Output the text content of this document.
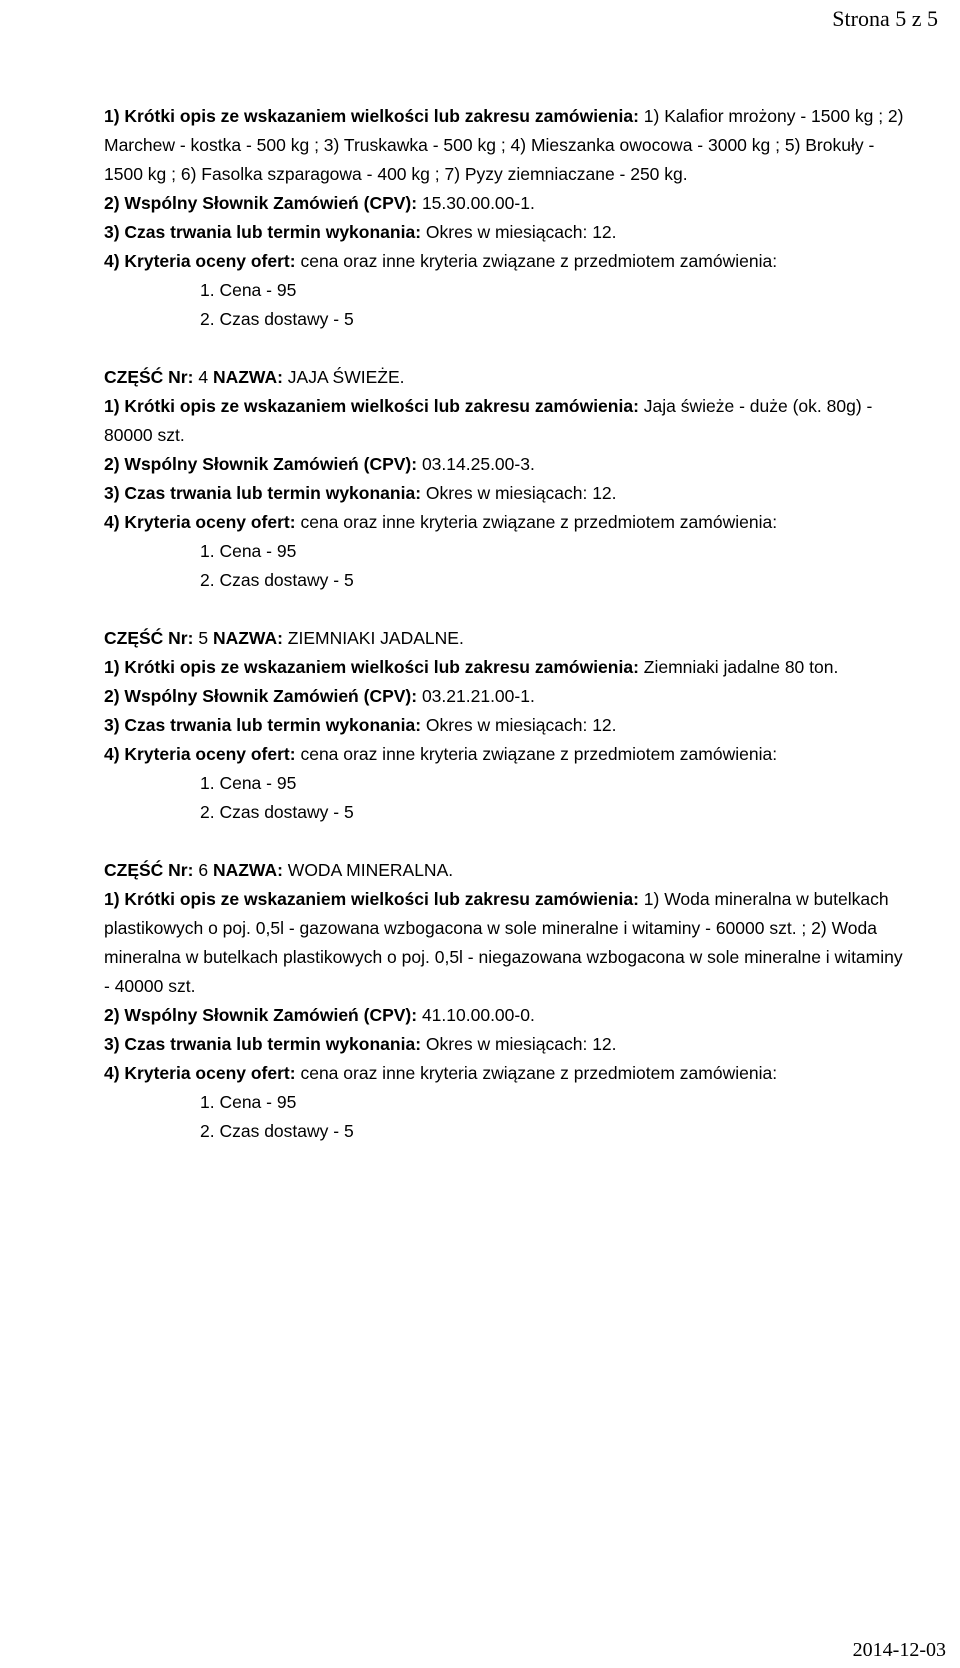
Strona 5 z 5

1) Krótki opis ze wskazaniem wielkości lub zakresu zamówienia: 1) Kalafior mrożony - 1500 kg ; 2) Marchew - kostka - 500 kg ; 3) Truskawka - 500 kg ; 4) Mieszanka owocowa - 3000 kg ; 5) Brokuły - 1500 kg ; 6) Fasolka szparagowa - 400 kg ; 7) Pyzy ziemniaczane - 250 kg.

2) Wspólny Słownik Zamówień (CPV): 15.30.00.00-1.

3) Czas trwania lub termin wykonania: Okres w miesiącach: 12.

4) Kryteria oceny ofert: cena oraz inne kryteria związane z przedmiotem zamówienia:

1. Cena - 95
2. Czas dostawy - 5

CZĘŚĆ Nr: 4 NAZWA: JAJA ŚWIEŻE.

1) Krótki opis ze wskazaniem wielkości lub zakresu zamówienia: Jaja świeże - duże (ok. 80g) - 80000 szt.

2) Wspólny Słownik Zamówień (CPV): 03.14.25.00-3.

3) Czas trwania lub termin wykonania: Okres w miesiącach: 12.

4) Kryteria oceny ofert: cena oraz inne kryteria związane z przedmiotem zamówienia:

1. Cena - 95
2. Czas dostawy - 5

CZĘŚĆ Nr: 5 NAZWA: ZIEMNIAKI JADALNE.

1) Krótki opis ze wskazaniem wielkości lub zakresu zamówienia: Ziemniaki jadalne 80 ton.

2) Wspólny Słownik Zamówień (CPV): 03.21.21.00-1.

3) Czas trwania lub termin wykonania: Okres w miesiącach: 12.

4) Kryteria oceny ofert: cena oraz inne kryteria związane z przedmiotem zamówienia:

1. Cena - 95
2. Czas dostawy - 5

CZĘŚĆ Nr: 6 NAZWA: WODA MINERALNA.

1) Krótki opis ze wskazaniem wielkości lub zakresu zamówienia: 1) Woda mineralna w butelkach plastikowych o poj. 0,5l - gazowana wzbogacona w sole mineralne i witaminy - 60000 szt. ; 2) Woda mineralna w butelkach plastikowych o poj. 0,5l - niegazowana wzbogacona w sole mineralne i witaminy - 40000 szt.

2) Wspólny Słownik Zamówień (CPV): 41.10.00.00-0.

3) Czas trwania lub termin wykonania: Okres w miesiącach: 12.

4) Kryteria oceny ofert: cena oraz inne kryteria związane z przedmiotem zamówienia:

1. Cena - 95
2. Czas dostawy - 5
2014-12-03
